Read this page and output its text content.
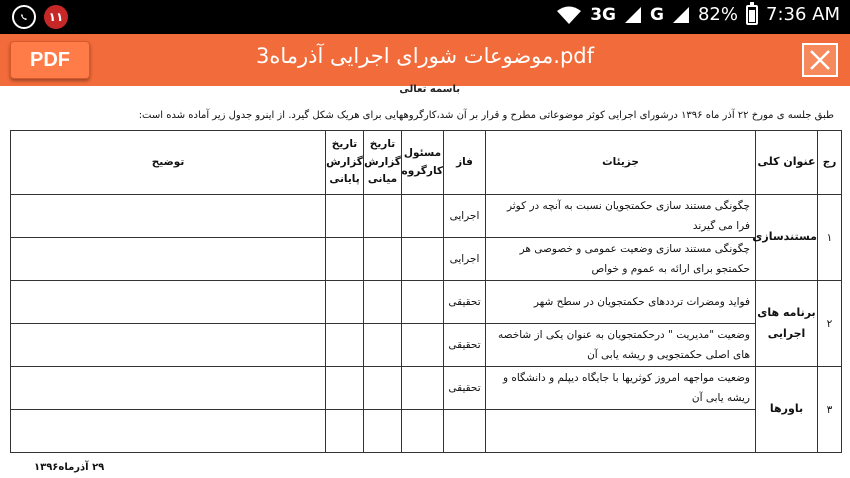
۱۱	3G G 82% 7:36 AM
PDF	موضوعات شورای اجرایی آذرماه3.pdf
باسمه تعالی
طبق جلسه ی مورخ ۲۲ آذر ماه ۱۳۹۶ درشورای اجرایی کوثر موضوعاتی مطرح و قرار بر آن شد،کارگروههایی برای هریک شکل گیرد. از اینرو جدول زیر آماده شده است:
رج	عنوان کلی	جزیئات	فاز	مسئول کارگروه	تاریخ گزارش میانی	تاریخ گزارش پایانی	توضیح
۱	مستندسازی	چگونگی مستند سازی حکمتجویان نسبت به آنچه در کوثر فرا می گیرند	اجرایی				
		چگونگی مستند سازی وضعیت عمومی و خصوصی هر حکمتجو برای ارائه به عموم و خواص	اجرایی				
۲	برنامه های اجرایی	فواید ومضرات ترددهای حکمتجویان در سطح شهر	تحقیقی				
		وضعیت "مدیریت " درحکمتجویان به عنوان یکی از شاخصه های اصلی حکمتجویی و ریشه یابی آن	تحقیقی				
۳	باورها	وضعیت مواجهه امروز کوثریها با جایگاه دیپلم و دانشگاه و ریشه یابی آن	تحقیقی				

۲۹ آذرماه۱۳۹۶
